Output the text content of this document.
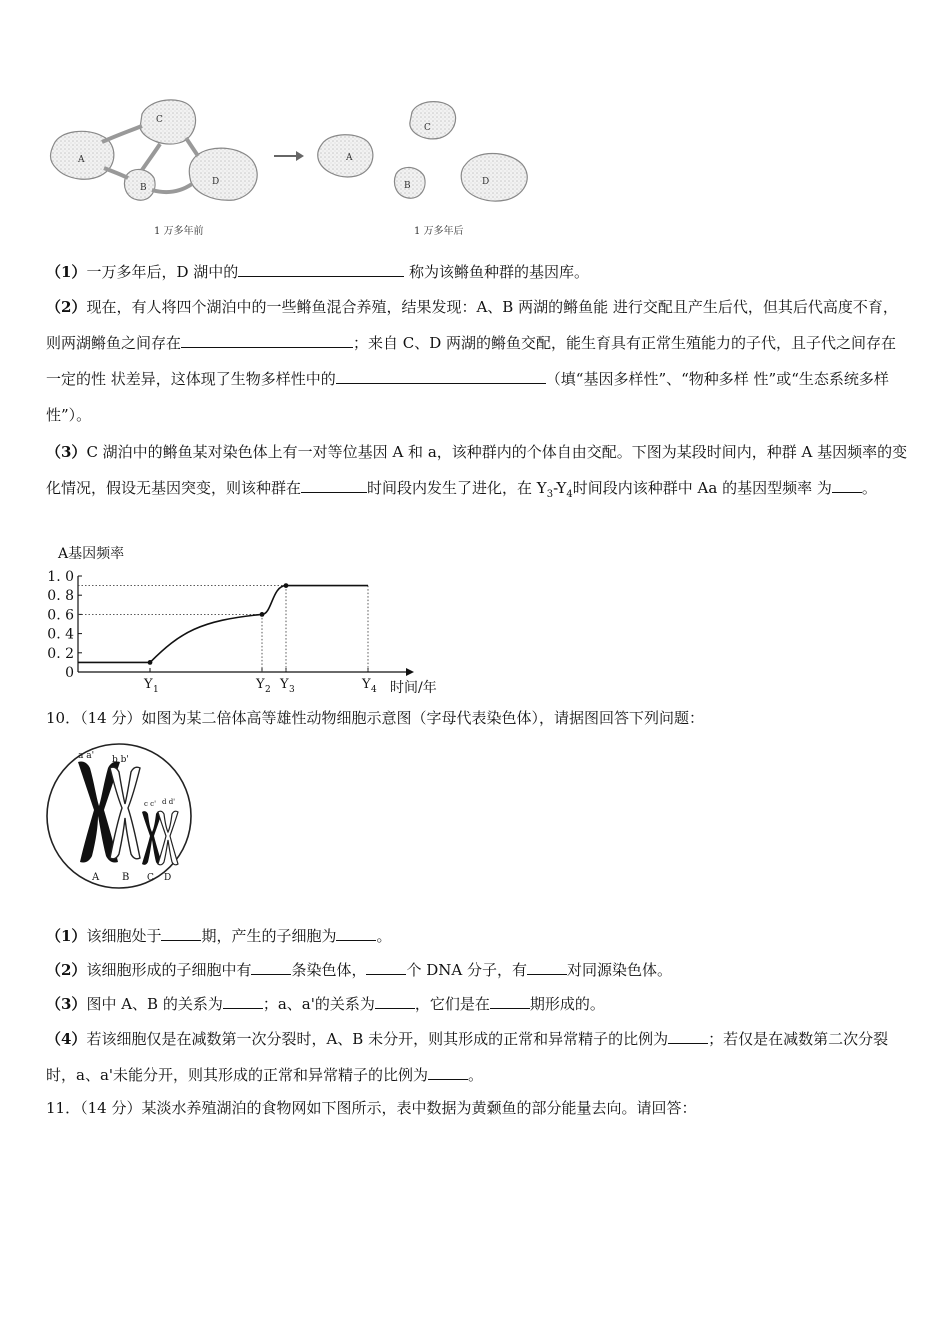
A
C
B
D
1 万多年前
A
C
B	D
1 万多年后
（1）一万多年后，D 湖中的	称为该鳉鱼种群的基因库。
（2）现在，有人将四个湖泊中的一些鳉鱼混合养殖，结果发现：A、B 两湖的鳉鱼能 进行交配且产生后代，但其后代高度不育，则两湖鳉鱼之间存在	；来自 C、D 两湖的鳉鱼交配，能生育具有正常生殖能力的子代，且子代之间存在一定的性 状差异，这体现了生物多样性中的	（填“基因多样性”、“物种多样 性”或“生态系统多样性”）。
（3）C 湖泊中的鳉鱼某对染色体上有一对等位基因 A 和 a，该种群内的个体自由交配。下图为某段时间内，种群 A 基因频率的变化情况，假设无基因突变，则该种群在	时间段内发生了进化，在 $Y_3-Y_4$时间段内该种群中 Aa 的基因型频率 为 。
A基因频率
时间/年
0
0. 2
0. 4
0. 6
0. 8
1. 0
Y 1	Y 2 Y 3	Y 4
10．（14 分）如图为某二倍体高等雄性动物细胞示意图（字母代表染色体），请据图回答下列问题：
a a' b b'
c c' d d'
A B C D
（1）该细胞处于	期，产生的子细胞为	。
（2）该细胞形成的子细胞中有	条染色体，	个 DNA 分子，有	对同源染色体。
（3）图中 A、B 的关系为	；a、a'的关系为	，它们是在	期形成的。
（4）若该细胞仅是在减数第一次分裂时，A、B 未分开，则其形成的正常和异常精子的比例为	；若仅是在减数第二次分裂时，a、a'未能分开，则其形成的正常和异常精子的比例为	。
11．（14 分）某淡水养殖湖泊的食物网如下图所示，表中数据为黄颡鱼的部分能量去向。请回答：
